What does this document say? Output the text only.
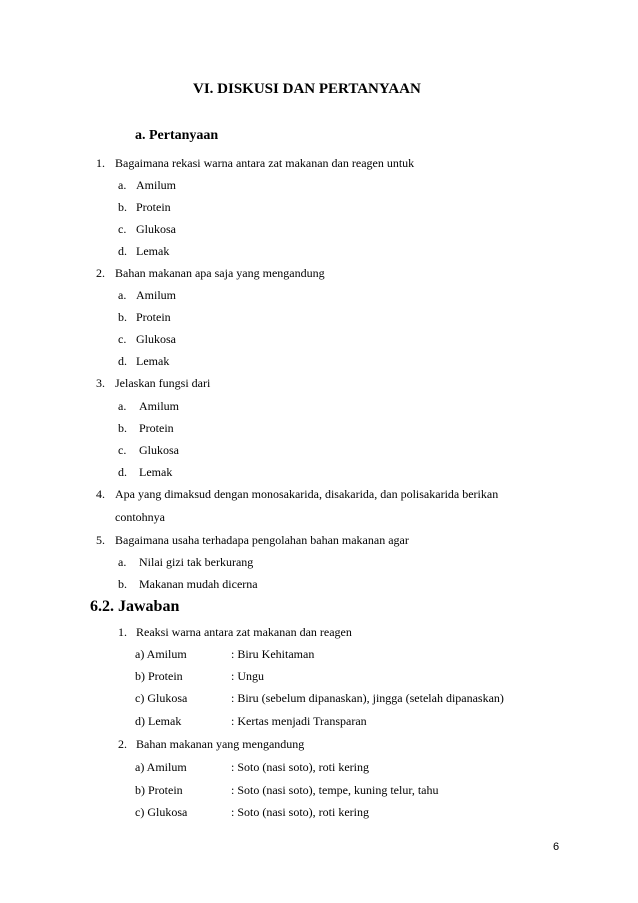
VI. DISKUSI DAN PERTANYAAN
a. Pertanyaan
1. Bagaimana rekasi warna antara zat makanan dan reagen untuk
a. Amilum
b. Protein
c. Glukosa
d. Lemak
2. Bahan makanan apa saja yang mengandung
a. Amilum
b. Protein
c. Glukosa
d. Lemak
3. Jelaskan fungsi dari
a. Amilum
b. Protein
c. Glukosa
d. Lemak
4. Apa yang dimaksud dengan monosakarida, disakarida, dan polisakarida berikan
contohnya
5. Bagaimana usaha terhadapa pengolahan bahan makanan agar
a. Nilai gizi tak berkurang
b. Makanan mudah dicerna
6.2. Jawaban
1. Reaksi warna antara zat makanan dan reagen
a) Amilum	: Biru Kehitaman
b) Protein	: Ungu
c) Glukosa	: Biru (sebelum dipanaskan), jingga (setelah dipanaskan)
d) Lemak	: Kertas menjadi Transparan
2. Bahan makanan yang mengandung
a) Amilum	: Soto (nasi soto), roti kering
b) Protein	: Soto (nasi soto), tempe, kuning telur, tahu
c) Glukosa	: Soto (nasi soto), roti kering
6
